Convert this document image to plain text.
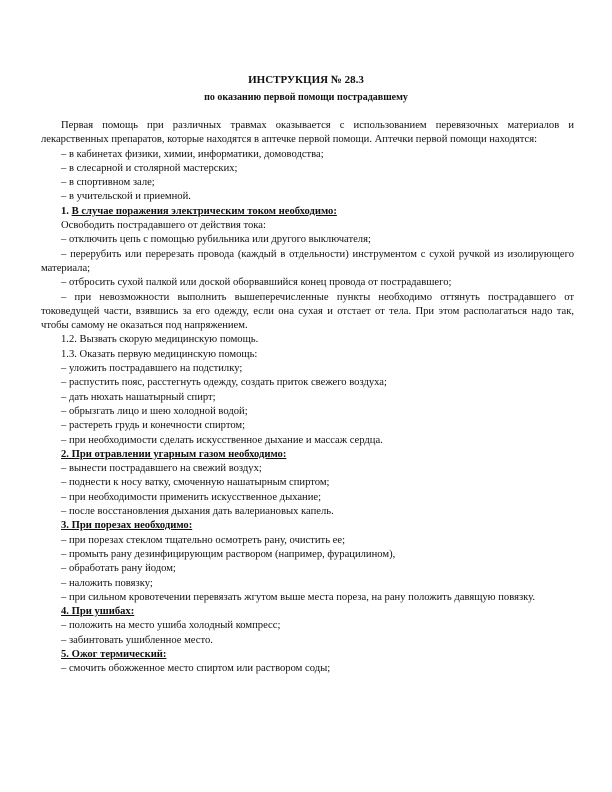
ИНСТРУКЦИЯ № 28.3
по оказанию первой помощи пострадавшему

Первая помощь при различных травмах оказывается с использованием перевязочных материалов и лекарственных препаратов, которые находятся в аптечке первой помощи. Аптечки первой помощи находятся:

– в кабинетах физики, химии, информатики, домоводства;

– в слесарной и столярной мастерских;

– в спортивном зале;

– в учительской и приемной.

1. В случае поражения электрическим током необходимо:

Освободить пострадавшего от действия тока:

– отключить цепь с помощью рубильника или другого выключателя;

– перерубить или перерезать провода (каждый в отдельности) инструментом с сухой ручкой из изолирующего материала;

– отбросить сухой палкой или доской оборвавшийся конец провода от пострадавшего;

– при невозможности выполнить вышеперечисленные пункты необходимо оттянуть пострадавшего от токоведущей части, взявшись за его одежду, если она сухая и отстает от тела. При этом располагаться надо так, чтобы самому не оказаться под напряжением.

1.2. Вызвать скорую медицинскую помощь.

1.3. Оказать первую медицинскую помощь:

– уложить пострадавшего на подстилку;

– распустить пояс, расстегнуть одежду, создать приток свежего воздуха;

– дать нюхать нашатырный спирт;

– обрызгать лицо и шею холодной водой;

– растереть грудь и конечности спиртом;

– при необходимости сделать искусственное дыхание и массаж сердца.

2. При отравлении угарным газом необходимо:

– вынести пострадавшего на свежий воздух;

– поднести к носу ватку, смоченную нашатырным спиртом;

– при необходимости применить искусственное дыхание;

– после восстановления дыхания дать валериановых капель.

3. При порезах необходимо:

– при порезах стеклом тщательно осмотреть рану, очистить ее;

– промыть рану дезинфицирующим раствором (например, фурацилином),

– обработать рану йодом;

– наложить повязку;

– при сильном кровотечении перевязать жгутом выше места пореза, на рану положить давящую повязку.

4. При ушибах:

– положить на место ушиба холодный компресс;

– забинтовать ушибленное место.

5. Ожог термический:

– смочить обожженное место спиртом или раствором соды;
